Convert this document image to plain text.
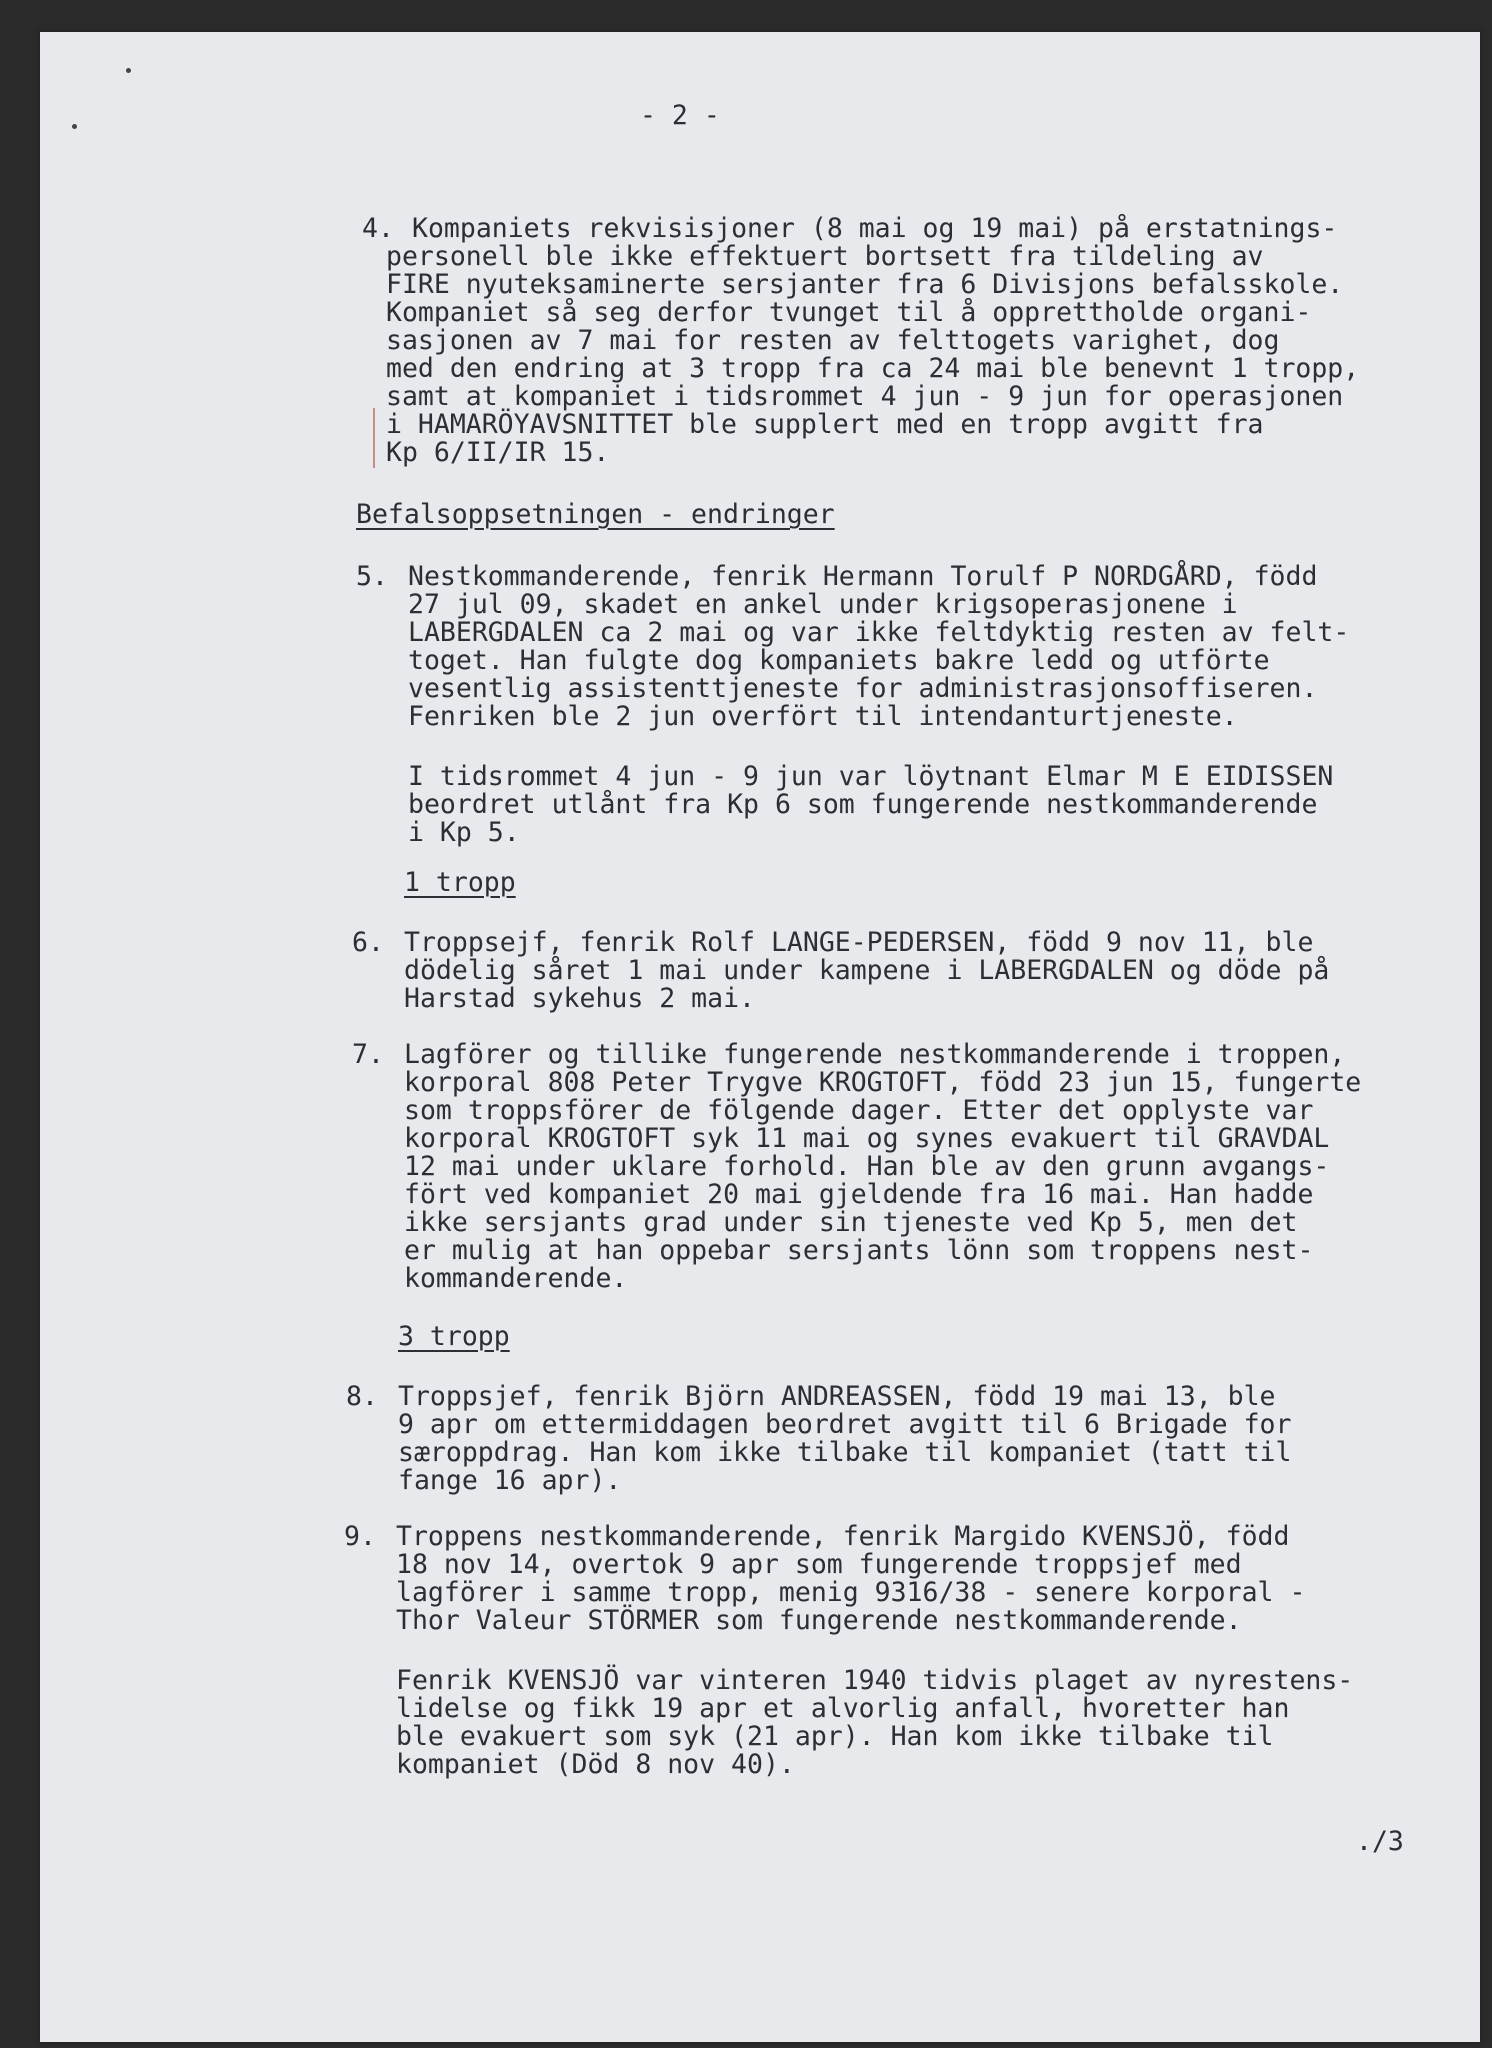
- 2 -
4. Kompaniets rekvisisjoner (8 mai og 19 mai) på erstatnings-
personell ble ikke effektuert bortsett fra tildeling av
FIRE nyuteksaminerte sersjanter fra 6 Divisjons befalsskole.
Kompaniet så seg derfor tvunget til å opprettholde organi-
sasjonen av 7 mai for resten av felttogets varighet, dog
med den endring at 3 tropp fra ca 24 mai ble benevnt 1 tropp,
samt at kompaniet i tidsrommet 4 jun - 9 jun for operasjonen
i HAMARÖYAVSNITTET ble supplert med en tropp avgitt fra
Kp 6/II/IR 15.
Befalsoppsetningen - endringer
5. Nestkommanderende, fenrik Hermann Torulf P NORDGÅRD, född
27 jul 09, skadet en ankel under krigsoperasjonene i
LABERGDALEN ca 2 mai og var ikke feltdyktig resten av felt-
toget. Han fulgte dog kompaniets bakre ledd og utförte
vesentlig assistenttjeneste for administrasjonsoffiseren.
Fenriken ble 2 jun overfört til intendanturtjeneste.
I tidsrommet 4 jun - 9 jun var löytnant Elmar M E EIDISSEN
beordret utlånt fra Kp 6 som fungerende nestkommanderende
i Kp 5.
1 tropp
6. Troppsejf, fenrik Rolf LANGE-PEDERSEN, född 9 nov 11, ble
dödelig såret 1 mai under kampene i LABERGDALEN og döde på
Harstad sykehus 2 mai.
7. Lagförer og tillike fungerende nestkommanderende i troppen,
korporal 808 Peter Trygve KROGTOFT, född 23 jun 15, fungerte
som troppsförer de fölgende dager. Etter det opplyste var
korporal KROGTOFT syk 11 mai og synes evakuert til GRAVDAL
12 mai under uklare forhold. Han ble av den grunn avgangs-
fört ved kompaniet 20 mai gjeldende fra 16 mai. Han hadde
ikke sersjants grad under sin tjeneste ved Kp 5, men det
er mulig at han oppebar sersjants lönn som troppens nest-
kommanderende.
3 tropp
8. Troppsjef, fenrik Björn ANDREASSEN, född 19 mai 13, ble
9 apr om ettermiddagen beordret avgitt til 6 Brigade for
særoppdrag. Han kom ikke tilbake til kompaniet (tatt til
fange 16 apr).
9. Troppens nestkommanderende, fenrik Margido KVENSJÖ, född
18 nov 14, overtok 9 apr som fungerende troppsjef med
lagförer i samme tropp, menig 9316/38 - senere korporal -
Thor Valeur STÖRMER som fungerende nestkommanderende.
Fenrik KVENSJÖ var vinteren 1940 tidvis plaget av nyrestens-
lidelse og fikk 19 apr et alvorlig anfall, hvoretter han
ble evakuert som syk (21 apr). Han kom ikke tilbake til
kompaniet (Död 8 nov 40).
./3
